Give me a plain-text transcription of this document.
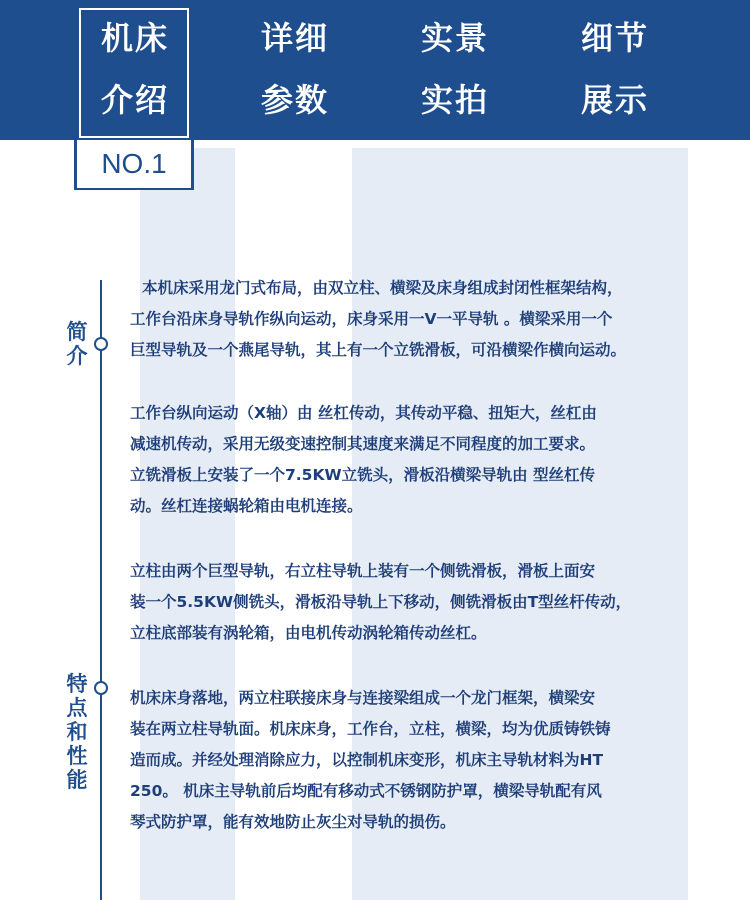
机床
介绍
详细
参数
实景
实拍
细节
展示
NO.1
简
介
特
点
和
性
能

本机床采用龙门式布局，由双立柱、横梁及床身组成封闭性框架结构，

工作台沿床身导轨作纵向运动，床身采用一V一平导轨 。横梁采用一个

巨型导轨及一个燕尾导轨，其上有一个立铣滑板，可沿横梁作横向运动。

工作台纵向运动（X轴）由 丝杠传动，其传动平稳、扭矩大，丝杠由

减速机传动，采用无级变速控制其速度来满足不同程度的加工要求。

立铣滑板上安装了一个7.5KW立铣头，滑板沿横梁导轨由 型丝杠传

动。丝杠连接蜗轮箱由电机连接。

立柱由两个巨型导轨，右立柱导轨上装有一个侧铣滑板，滑板上面安

装一个5.5KW侧铣头，滑板沿导轨上下移动，侧铣滑板由T型丝杆传动，

立柱底部装有涡轮箱，由电机传动涡轮箱传动丝杠。

机床床身落地，两立柱联接床身与连接梁组成一个龙门框架，横梁安

装在两立柱导轨面。机床床身，工作台，立柱，横梁，均为优质铸铁铸

造而成。并经处理消除应力，以控制机床变形，机床主导轨材料为HT

250。 机床主导轨前后均配有移动式不锈钢防护罩，横梁导轨配有风

琴式防护罩，能有效地防止灰尘对导轨的损伤。
